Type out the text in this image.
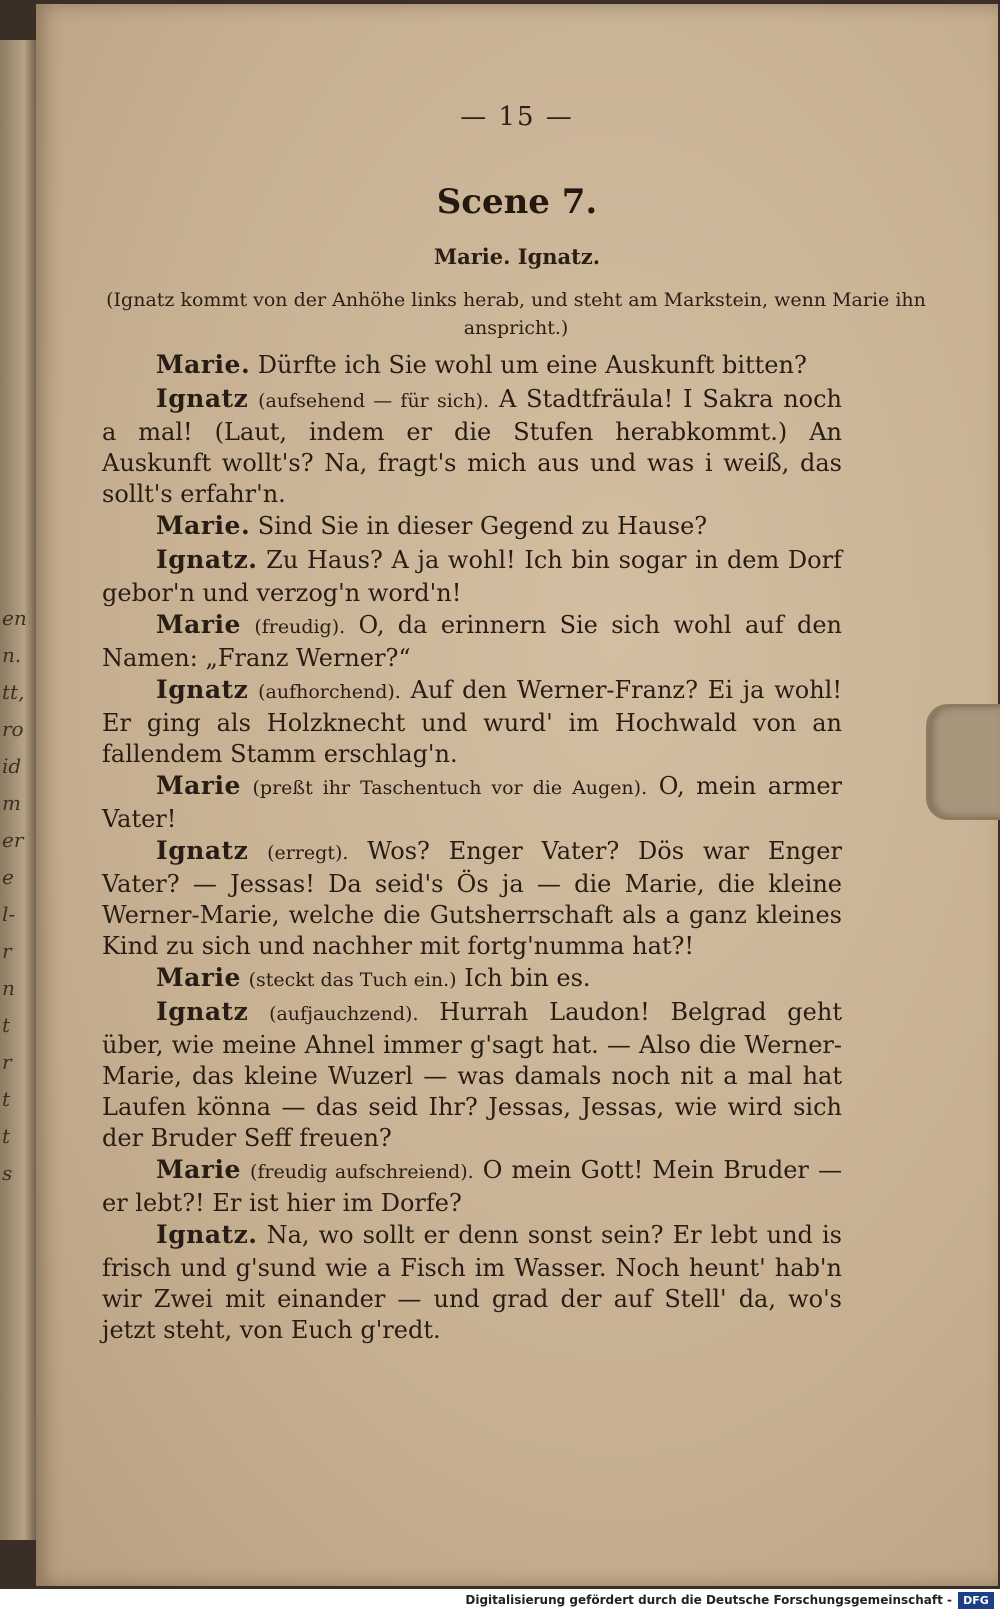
en
n.
tt,
ro
id
m
er
e
l-
r
n
t
r
t
t
s
— 15 —
Scene 7.
Marie. Ignatz.
(Ignatz kommt von der Anhöhe links herab, und steht am Markstein, wenn Marie ihn anspricht.)

Marie. Dürfte ich Sie wohl um eine Auskunft bitten?

Ignatz (aufsehend — für sich). A Stadtfräula! I Sakra noch a mal! (Laut, indem er die Stufen herabkommt.) An Auskunft wollt's? Na, fragt's mich aus und was i weiß, das sollt's erfahr'n.

Marie. Sind Sie in dieser Gegend zu Hause?

Ignatz. Zu Haus? A ja wohl! Ich bin sogar in dem Dorf gebor'n und verzog'n word'n!

Marie (freudig). O, da erinnern Sie sich wohl auf den Namen: „Franz Werner?“

Ignatz (aufhorchend). Auf den Werner-Franz? Ei ja wohl! Er ging als Holzknecht und wurd' im Hochwald von an fallendem Stamm erschlag'n.

Marie (preßt ihr Taschentuch vor die Augen). O, mein armer Vater!

Ignatz (erregt). Wos? Enger Vater? Dös war Enger Vater? — Jessas! Da seid's Ös ja — die Marie, die kleine Werner-Marie, welche die Gutsherrschaft als a ganz kleines Kind zu sich und nachher mit fortg'numma hat?!

Marie (steckt das Tuch ein.) Ich bin es.

Ignatz (aufjauchzend). Hurrah Laudon! Belgrad geht über, wie meine Ahnel immer g'sagt hat. — Also die Werner-Marie, das kleine Wuzerl — was damals noch nit a mal hat Laufen könna — das seid Ihr? Jessas, Jessas, wie wird sich der Bruder Seff freuen?

Marie (freudig aufschreiend). O mein Gott! Mein Bruder — er lebt?! Er ist hier im Dorfe?

Ignatz. Na, wo sollt er denn sonst sein? Er lebt und is frisch und g'sund wie a Fisch im Wasser. Noch heunt' hab'n wir Zwei mit einander — und grad der auf Stell' da, wo's jetzt steht, von Euch g'redt.

Digitalisierung gefördert durch die Deutsche Forschungsgemeinschaft -	DFG
